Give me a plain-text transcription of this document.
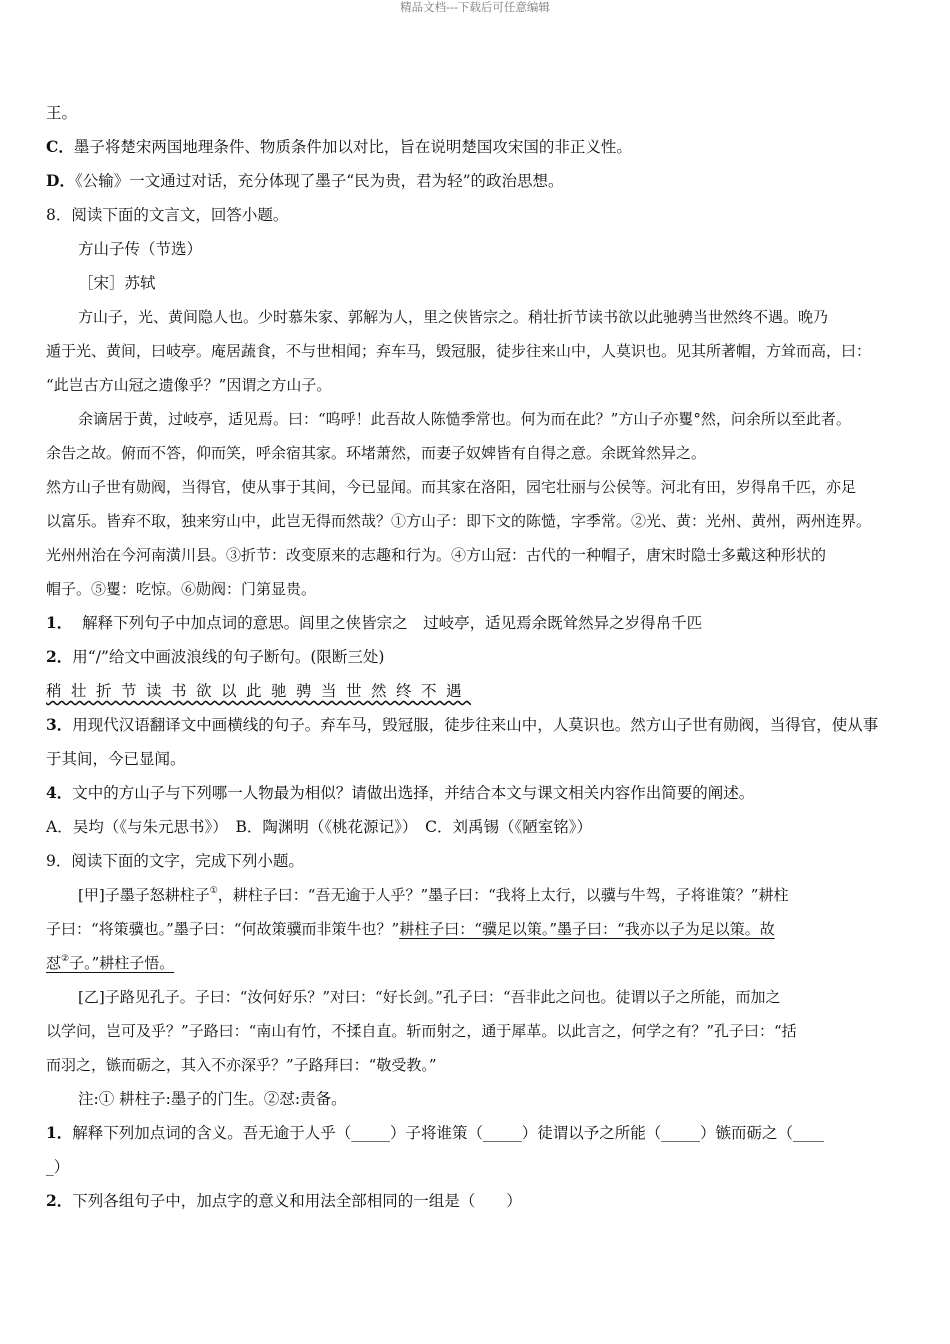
精品文档---下载后可任意编辑
王。
C．墨子将楚宋两国地理条件、物质条件加以对比，旨在说明楚国攻宋国的非正义性。
D．《公输》一文通过对话，充分体现了墨子“民为贵，君为轻”的政治思想。
8．阅读下面的文言文，回答小题。
方山子传（节选）
［宋］苏轼
方山子，光、黄间隐人也。少时慕朱家、郭解为人，里之侠皆宗之。稍壮折节读书欲以此驰骋当世然终不遇。晚乃
遁于光、黄间，曰岐亭。庵居蔬食，不与世相闻；弃车马，毁冠服，徒步往来山中，人莫识也。见其所著帽，方耸而高，曰：
“此岂古方山冠之遗像乎？”因谓之方山子。
余谪居于黄，过岐亭，适见焉。曰：“呜呼！此吾故人陈慥季常也。何为而在此？”方山子亦矍°然，问余所以至此者。
余告之故。俯而不答，仰而笑，呼余宿其家。环堵萧然，而妻子奴婢皆有自得之意。余既耸然异之。
然方山子世有勋阀，当得官，使从事于其间，今已显闻。而其家在洛阳，园宅壮丽与公侯等。河北有田，岁得帛千匹，亦足
以富乐。皆弃不取，独来穷山中，此岂无得而然哉？①方山子：即下文的陈慥，字季常。②光、黄：光州、黄州，两州连界。
光州州治在今河南潢川县。③折节：改变原来的志趣和行为。④方山冠：古代的一种帽子，唐宋时隐士多戴这种形状的
帽子。⑤矍：吃惊。⑥勋阀：门第显贵。
1． 解释下列句子中加点词的意思。闾里之侠皆宗之　过岐亭，适见焉余既耸然异之岁得帛千匹
2．用“/”给文中画波浪线的句子断句。(限断三处)
稍壮折节读书欲以此驰骋当世然终不遇
3．用现代汉语翻译文中画横线的句子。弃车马，毁冠服，徒步往来山中，人莫识也。然方山子世有勋阀，当得官，使从事
于其间，今已显闻。
4．文中的方山子与下列哪一人物最为相似？请做出选择，并结合本文与课文相关内容作出简要的阐述。
A．吴均（《与朱元思书》）　B．陶渊明（《桃花源记》）　C．刘禹锡（《陋室铭》）
9．阅读下面的文字，完成下列小题。
[甲]子墨子怒耕柱子①，耕柱子曰：“吾无逾于人乎？”墨子曰：“我将上太行，以骥与牛驾，子将谁策？”耕柱
子曰：“将策骥也。”墨子曰：“何故策骥而非策牛也？”耕柱子曰：“骥足以策。”墨子曰：“我亦以子为足以策。故
怼②子。”耕柱子悟。
[乙]子路见孔子。子曰：“汝何好乐？”对曰：“好长剑。”孔子曰：“吾非此之问也。徒谓以子之所能，而加之
以学问，岂可及乎？”子路曰：“南山有竹，不揉自直。斩而射之，通于犀革。以此言之，何学之有？”孔子曰：“括
而羽之，镞而砺之，其入不亦深乎？”子路拜曰：“敬受教。”
注:① 耕柱子:墨子的门生。②怼:责备。
1．解释下列加点词的含义。吾无逾于人乎（_____）子将谁策（_____）徒谓以予之所能（_____）镞而砺之（____
_）
2．下列各组句子中，加点字的意义和用法全部相同的一组是（　　）
